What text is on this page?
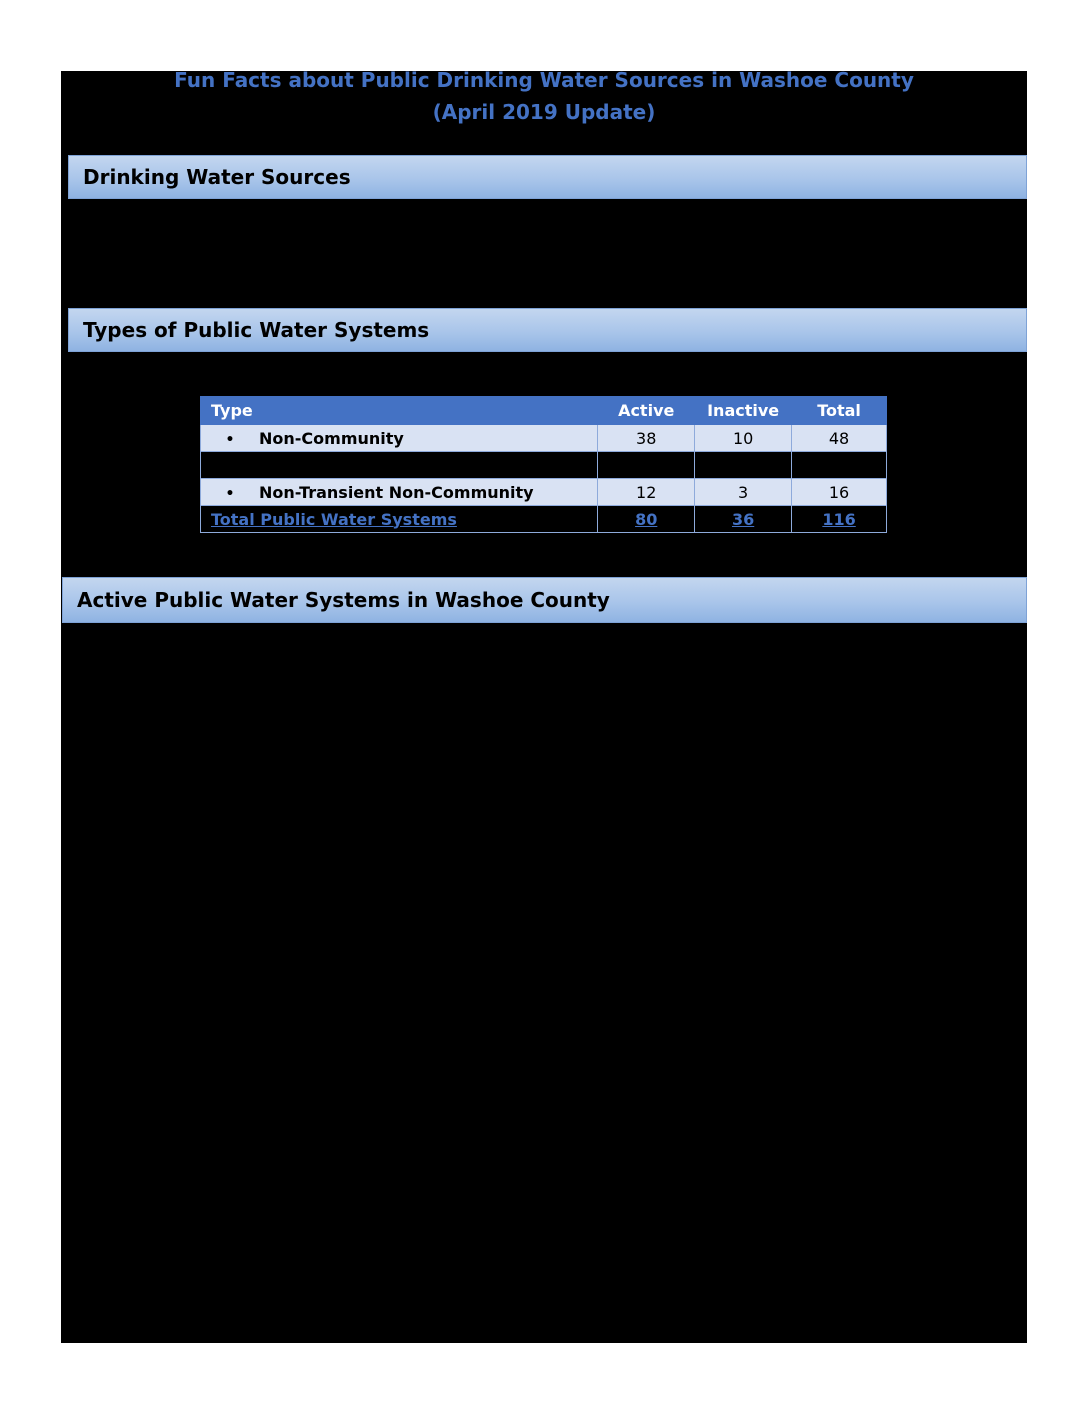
Fun Facts about Public Drinking Water Sources in Washoe County
(April 2019 Update)
Drinking Water Sources
Types of Public Water Systems
Type	Active	Inactive	Total
• Non-Community	38	10	48

• Non-Transient Non-Community	12	3	16
Total Public Water Systems	80	36	116
Active Public Water Systems in Washoe County
